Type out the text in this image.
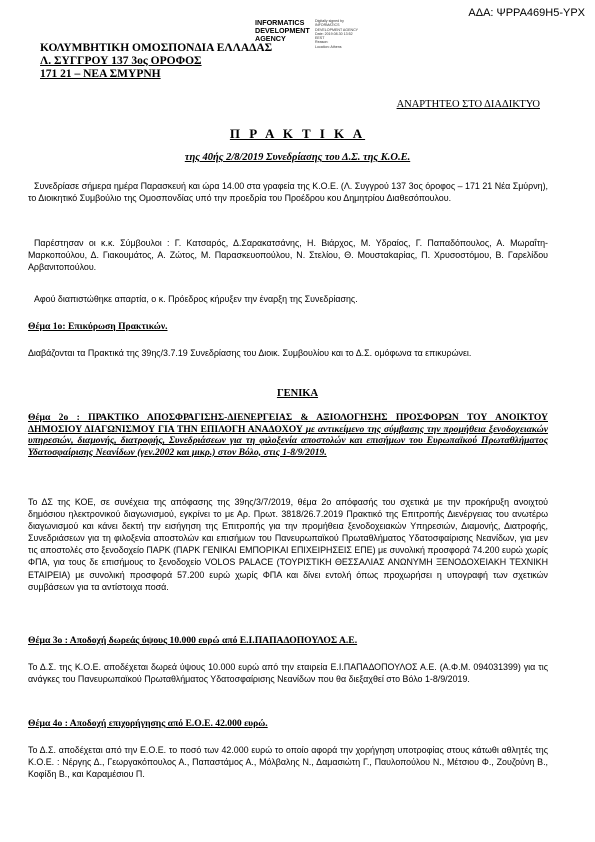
ΑΔΑ: ΨΡΡΑ469Η5-ΥΡΧ
INFORMATICS
DEVELOPMENT
AGENCY
Digitally signed by
INFORMATICS
DEVELOPMENT AGENCY
Date: 2019.08.30 13:52
EEST
Reason:
Location: Athens
ΚΟΛΥΜΒΗΤΙΚΗ ΟΜΟΣΠΟΝΔΙΑ ΕΛΛΑΔΑΣ
Λ. ΣΥΓΓΡΟΥ 137 3ος ΟΡΟΦΟΣ
171 21 – ΝΕΑ ΣΜΥΡΝΗ
ΑΝΑΡΤΗΤΕΟ ΣΤΟ ΔΙΑΔΙΚΤΥΟ
Π Ρ Α Κ Τ Ι Κ Α
της 40ής 2/8/2019 Συνεδρίασης του Δ.Σ. της Κ.Ο.Ε.
Συνεδρίασε σήμερα ημέρα Παρασκευή και ώρα 14.00 στα γραφεία της Κ.Ο.Ε. (Λ. Συγγρού 137 3ος όροφος – 171 21 Νέα Σμύρνη), το Διοικητικό Συμβούλιο της Ομοσπονδίας υπό την προεδρία του Προέδρου κου Δημητρίου Διαθεσόπουλου.
Παρέστησαν οι κ.κ. Σύμβουλοι : Γ. Κατσαρός, Δ.Σαρακατσάνης, Η. Βιάρχος, Μ. Υδραίος, Γ. Παπαδόπουλος, Α. Μωραΐτη-Μαρκοπούλου, Δ. Γιακουμάτος, Α. Ζώτος, Μ. Παρασκευοπούλου, Ν. Στελίου, Θ. Μουσταkαρίας, Π. Χρυσοστόμου, Β. Γαρελίδου Αρβανιτοπούλου.
Αφού διαπιστώθηκε απαρτία, ο κ. Πρόεδρος κήρυξεν την έναρξη της Συνεδρίασης.
Θέμα 1ο: Επικύρωση Πρακτικών.
Διαβάζονται τα Πρακτικά της 39ης/3.7.19 Συνεδρίασης του Διοικ. Συμβουλίου και το Δ.Σ. ομόφωνα τα επικυρώνει.
ΓΕΝΙΚΑ
Θέμα 2ο : ΠΡΑΚΤΙΚΟ ΑΠΟΣΦΡΑΓΙΣΗΣ-ΔΙΕΝΕΡΓΕΙΑΣ & ΑΞΙΟΛΟΓΗΣΗΣ ΠΡΟΣΦΟΡΩΝ ΤΟΥ ΑΝΟΙΚΤΟΥ ΔΗΜΟΣΙΟΥ ΔΙΑΓΩΝΙΣΜΟΥ ΓΙΑ ΤΗΝ ΕΠΙΛΟΓΗ ΑΝΑΔΟΧΟΥ με αντικείμενο της σύμβασης την προμήθεια ξενοδοχειακών υπηρεσιών, διαμονής, διατροφής, Συνεδριάσεων για τη φιλοξενία αποστολών και επισήμων του Ευρωπαϊκού Πρωταθλήματος Υδατοσφαίρισης Νεανίδων (γεν.2002 και μικρ.) στον Βόλο, στις 1-8/9/2019.
Το ΔΣ της ΚΟΕ, σε συνέχεια της απόφασης της 39ης/3/7/2019, θέμα 2ο απόφασής του σχετικά με την προκήρυξη ανοιχτού δημόσιου ηλεκτρονικού διαγωνισμού, εγκρίνει το με Αρ. Πρωτ. 3818/26.7.2019 Πρακτικό της Επιτροπής Διενέργειας του ανωτέρω διαγωνισμού και κάνει δεκτή την εισήγηση της Επιτροπής για την προμήθεια ξενοδοχειακών Υπηρεσιών, Διαμονής, Διατροφής, Συνεδριάσεων για τη φιλοξενία αποστολών και επισήμων του Πανευρωπαϊκού Πρωταθλήματος Υδατοσφαίρισης Νεανίδων, για μεν τις αποστολές στο ξενοδοχείο ΠΑΡΚ (ΠΑΡΚ ΓΕΝΙΚΑΙ ΕΜΠΟΡΙΚΑΙ ΕΠΙΧΕΙΡΗΣΕΙΣ ΕΠΕ) με συνολική προσφορά 74.200 ευρώ χωρίς ΦΠΑ, για τους δε επισήμους το ξενοδοχείο VOLOS PALACE (ΤΟΥΡΙΣΤΙΚΗ ΘΕΣΣΑΛΙΑΣ ΑΝΩΝΥΜΗ ΞΕΝΟΔΟΧΕΙΑΚΗ ΤΕΧΝΙΚΗ ΕΤΑΙΡΕΙΑ) με συνολική προσφορά 57.200 ευρώ χωρίς ΦΠΑ και δίνει εντολή όπως προχωρήσει η υπογραφή των σχετικών συμβάσεων για τα αντίστοιχα ποσά.
Θέμα 3ο : Αποδοχή δωρεάς ύψους 10.000 ευρώ από Ε.Ι.ΠΑΠΑΔΟΠΟΥΛΟΣ Α.Ε.
Το Δ.Σ. της Κ.Ο.Ε. αποδέχεται δωρεά ύψους 10.000 ευρώ από την εταιρεία Ε.Ι.ΠΑΠΑΔΟΠΟΥΛΟΣ Α.Ε. (Α.Φ.Μ. 094031399) για τις ανάγκες του Πανευρωπαϊκού Πρωταθλήματος Υδατοσφαίρισης Νεανίδων που θα διεξαχθεί στο Βόλο 1-8/9/2019.
Θέμα 4ο : Αποδοχή επιχορήγησης από Ε.Ο.Ε. 42.000 ευρώ.
Το Δ.Σ. αποδέχεται από την Ε.Ο.Ε. το ποσό των 42.000 ευρώ το οποίο αφορά την χορήγηση υποτροφίας στους κάτωθι αθλητές της Κ.Ο.Ε. : Νέργης Δ., Γεωργακόπουλος Α., Παπαστάμος Α., Μόλβαλης Ν., Δαμασιώτη Γ., Παυλοπούλου Ν., Μέτσιου Φ., Ζουζούνη Β., Κοφίδη Β., και Καραμέσιου Π.
